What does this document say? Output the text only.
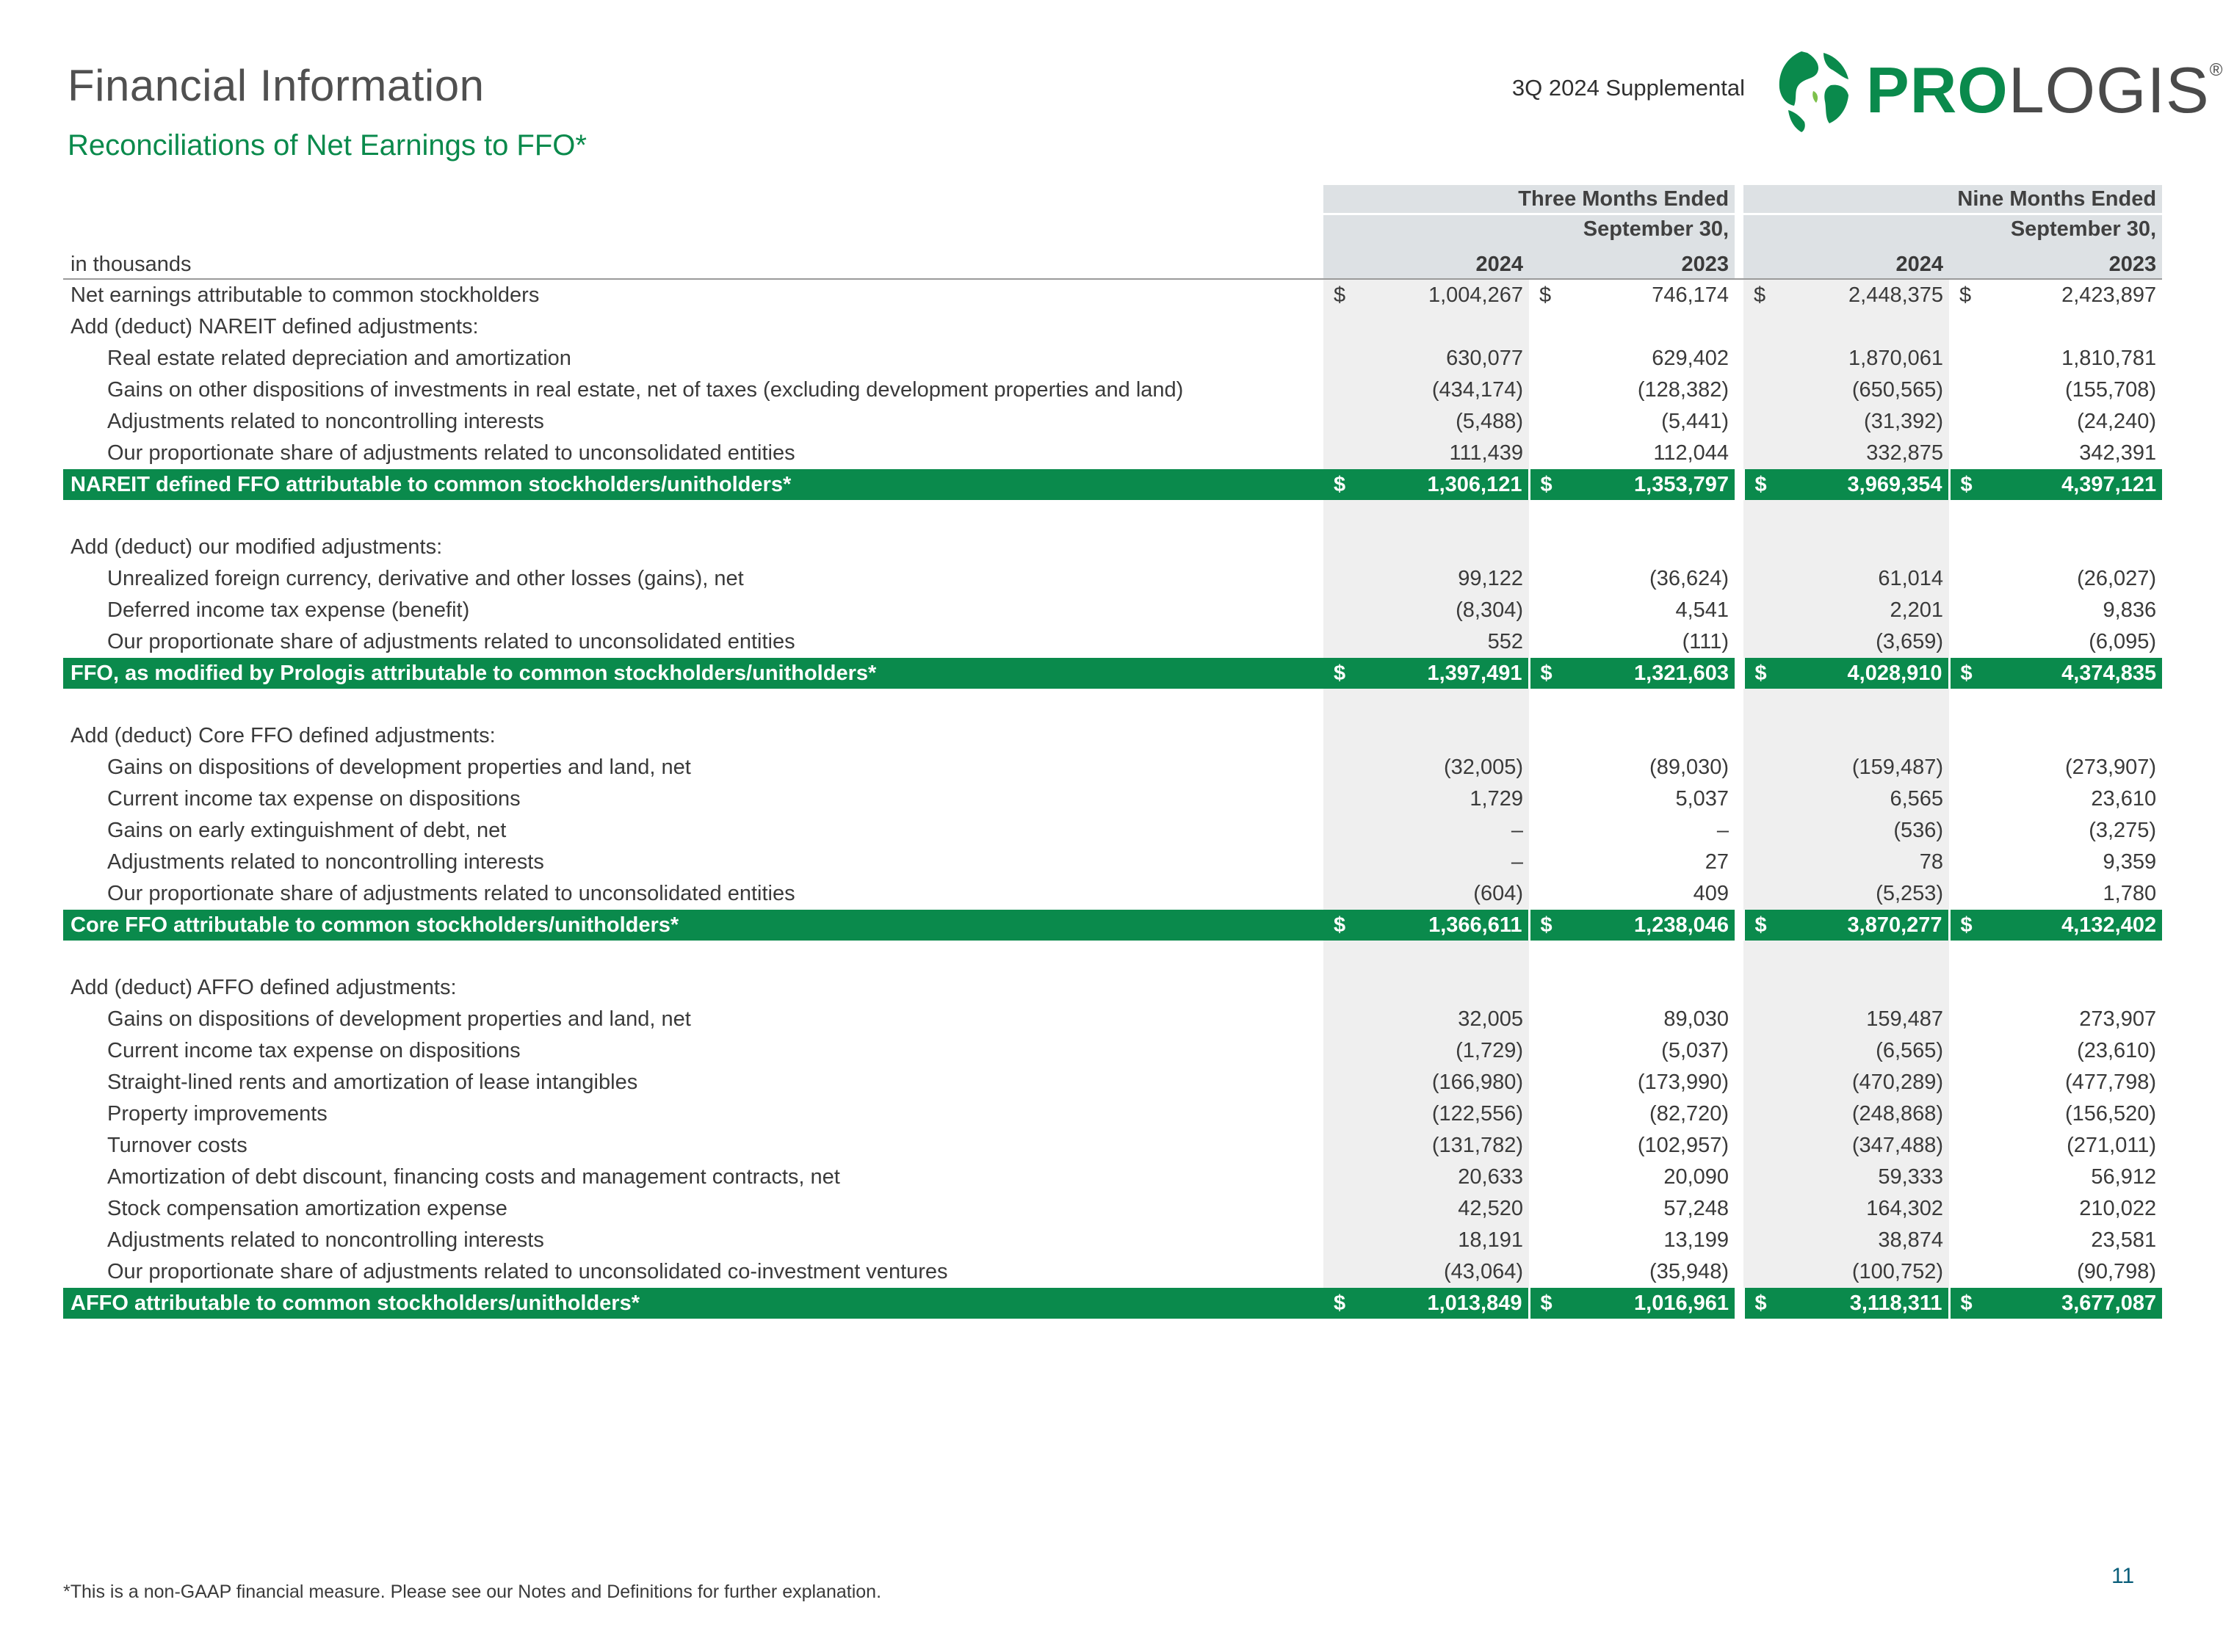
Financial Information
Reconciliations of Net Earnings to FFO*
3Q 2024 Supplemental PROLOGIS®
	Three Months Ended					Nine Months Ended			
	September 30,					September 30,			
in thousands	2024		2023			2024		2023	
Net earnings attributable to common stockholders	$	1,004,267	$	746,174		$	2,448,375	$	2,423,897
Add (deduct) NAREIT defined adjustments:									
Real estate related depreciation and amortization		630,077		629,402			1,870,061		1,810,781
Gains on other dispositions of investments in real estate, net of taxes (excluding development properties and land)		(434,174)		(128,382)			(650,565)		(155,708)
Adjustments related to noncontrolling interests		(5,488)		(5,441)			(31,392)		(24,240)
Our proportionate share of adjustments related to unconsolidated entities		111,439		112,044			332,875		342,391
NAREIT defined FFO attributable to common stockholders/unitholders*	$	1,306,121	$	1,353,797		$	3,969,354	$	4,397,121

Add (deduct) our modified adjustments:									
Unrealized foreign currency, derivative and other losses (gains), net		99,122		(36,624)			61,014		(26,027)
Deferred income tax expense (benefit)		(8,304)		4,541			2,201		9,836
Our proportionate share of adjustments related to unconsolidated entities		552		(111)			(3,659)		(6,095)
FFO, as modified by Prologis attributable to common stockholders/unitholders*	$	1,397,491	$	1,321,603		$	4,028,910	$	4,374,835

Add (deduct) Core FFO defined adjustments:									
Gains on dispositions of development properties and land, net		(32,005)		(89,030)			(159,487)		(273,907)
Current income tax expense on dispositions		1,729		5,037			6,565		23,610
Gains on early extinguishment of debt, net		–		–			(536)		(3,275)
Adjustments related to noncontrolling interests		–		27			78		9,359
Our proportionate share of adjustments related to unconsolidated entities		(604)		409			(5,253)		1,780
Core FFO attributable to common stockholders/unitholders*	$	1,366,611	$	1,238,046		$	3,870,277	$	4,132,402

Add (deduct) AFFO defined adjustments:									
Gains on dispositions of development properties and land, net		32,005		89,030			159,487		273,907
Current income tax expense on dispositions		(1,729)		(5,037)			(6,565)		(23,610)
Straight-lined rents and amortization of lease intangibles		(166,980)		(173,990)			(470,289)		(477,798)
Property improvements		(122,556)		(82,720)			(248,868)		(156,520)
Turnover costs		(131,782)		(102,957)			(347,488)		(271,011)
Amortization of debt discount, financing costs and management contracts, net		20,633		20,090			59,333		56,912
Stock compensation amortization expense		42,520		57,248			164,302		210,022
Adjustments related to noncontrolling interests		18,191		13,199			38,874		23,581
Our proportionate share of adjustments related to unconsolidated co-investment ventures		(43,064)		(35,948)			(100,752)		(90,798)
AFFO attributable to common stockholders/unitholders*	$	1,013,849	$	1,016,961		$	3,118,311	$	3,677,087
*This is a non-GAAP financial measure. Please see our Notes and Definitions for further explanation.
11
